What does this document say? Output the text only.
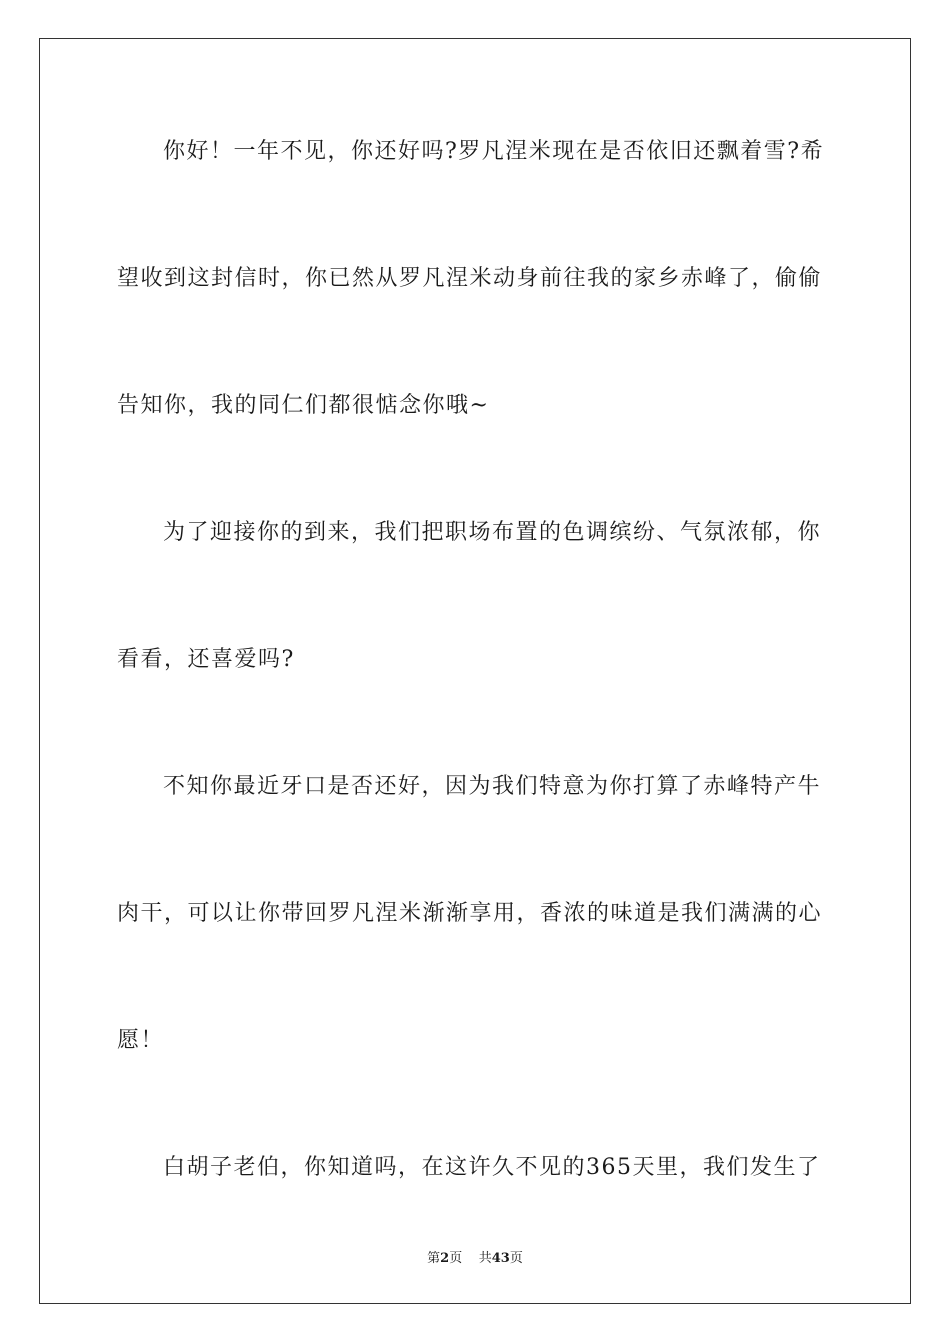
你好！一年不见，你还好吗?罗凡涅米现在是否依旧还飘着雪?希
望收到这封信时，你已然从罗凡涅米动身前往我的家乡赤峰了，偷偷
告知你，我的同仁们都很惦念你哦~
为了迎接你的到来，我们把职场布置的色调缤纷、气氛浓郁，你
看看，还喜爱吗?
不知你最近牙口是否还好，因为我们特意为你打算了赤峰特产牛
肉干，可以让你带回罗凡涅米渐渐享用，香浓的味道是我们满满的心
愿！
白胡子老伯，你知道吗，在这许久不见的365天里，我们发生了
第2页 共43页
